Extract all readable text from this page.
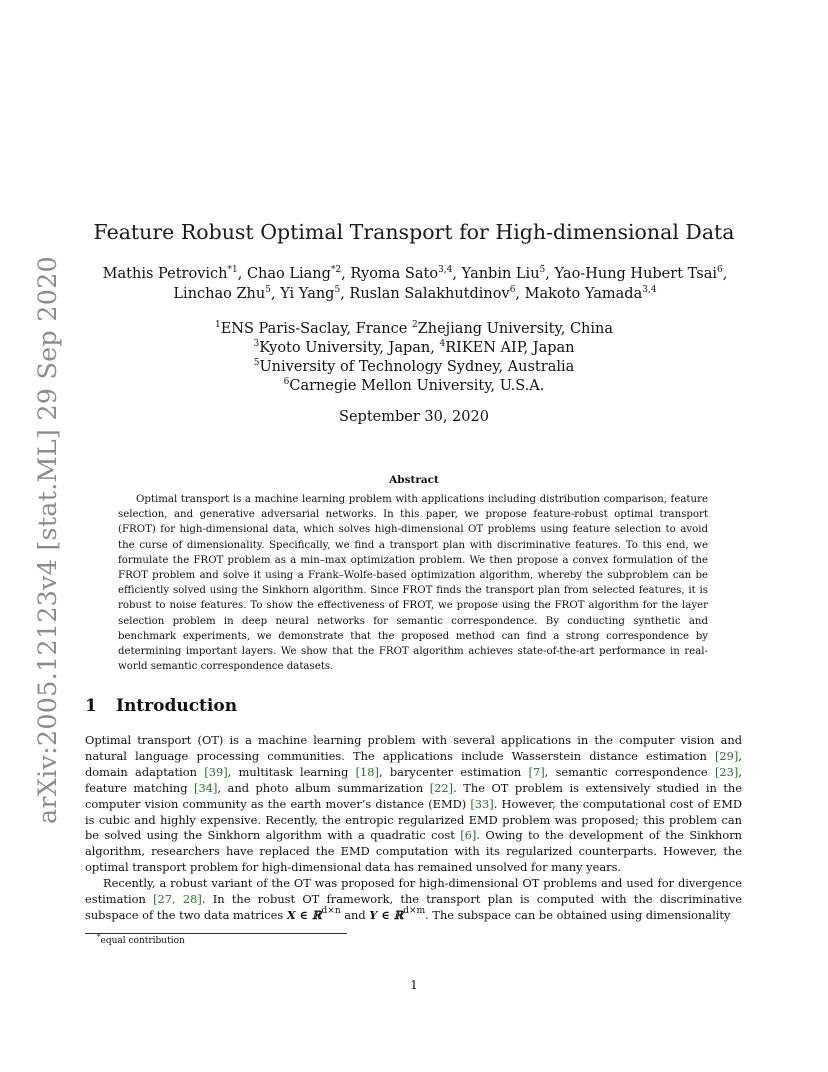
arXiv:2005.12123v4 [stat.ML] 29 Sep 2020
Feature Robust Optimal Transport for High-dimensional Data
Mathis Petrovich$^{*1}$, Chao Liang$^{*2}$, Ryoma Sato$^{3,4}$, Yanbin Liu$^5$, Yao-Hung Hubert Tsai$^6$,
Linchao Zhu$^5$, Yi Yang$^5$, Ruslan Salakhutdinov$^6$, Makoto Yamada$^{3,4}$
$^1$ENS Paris-Saclay, France $^2$Zhejiang University, China
$^3$Kyoto University, Japan, $^4$RIKEN AIP, Japan
$^5$University of Technology Sydney, Australia
$^6$Carnegie Mellon University, U.S.A.
September 30, 2020
Abstract
Optimal transport is a machine learning problem with applications including distribution comparison, feature selection, and generative adversarial networks. In this paper, we propose feature-robust optimal transport (FROT) for high-dimensional data, which solves high-dimensional OT problems using feature selection to avoid the curse of dimensionality. Specifically, we find a transport plan with discriminative features. To this end, we formulate the FROT problem as a min–max optimization problem. We then propose a convex formulation of the FROT problem and solve it using a Frank–Wolfe-based optimization algorithm, whereby the subproblem can be efficiently solved using the Sinkhorn algorithm. Since FROT finds the transport plan from selected features, it is robust to noise features. To show the effectiveness of FROT, we propose using the FROT algorithm for the layer selection problem in deep neural networks for semantic correspondence. By conducting synthetic and benchmark experiments, we demonstrate that the proposed method can find a strong correspondence by determining important layers. We show that the FROT algorithm achieves state-of-the-art performance in real-world semantic correspondence datasets.
1 Introduction

Optimal transport (OT) is a machine learning problem with several applications in the computer vision and natural language processing communities. The applications include Wasserstein distance estimation [29], domain adaptation [39], multitask learning [18], barycenter estimation [7], semantic correspondence [23], feature matching [34], and photo album summarization [22]. The OT problem is extensively studied in the computer vision community as the earth mover’s distance (EMD) [33]. However, the computational cost of EMD is cubic and highly expensive. Recently, the entropic regularized EMD problem was proposed; this problem can be solved using the Sinkhorn algorithm with a quadratic cost [6]. Owing to the development of the Sinkhorn algorithm, researchers have replaced the EMD computation with its regularized counterparts. However, the optimal transport problem for high-dimensional data has remained unsolved for many years.

Recently, a robust variant of the OT was proposed for high-dimensional OT problems and used for divergence estimation [27, 28]. In the robust OT framework, the transport plan is computed with the discriminative subspace of the two data matrices X ∈ ℝ$^{d\times n}$ and Y ∈ ℝ$^{d\times m}$. The subspace can be obtained using dimensionality

*equal contribution
1
